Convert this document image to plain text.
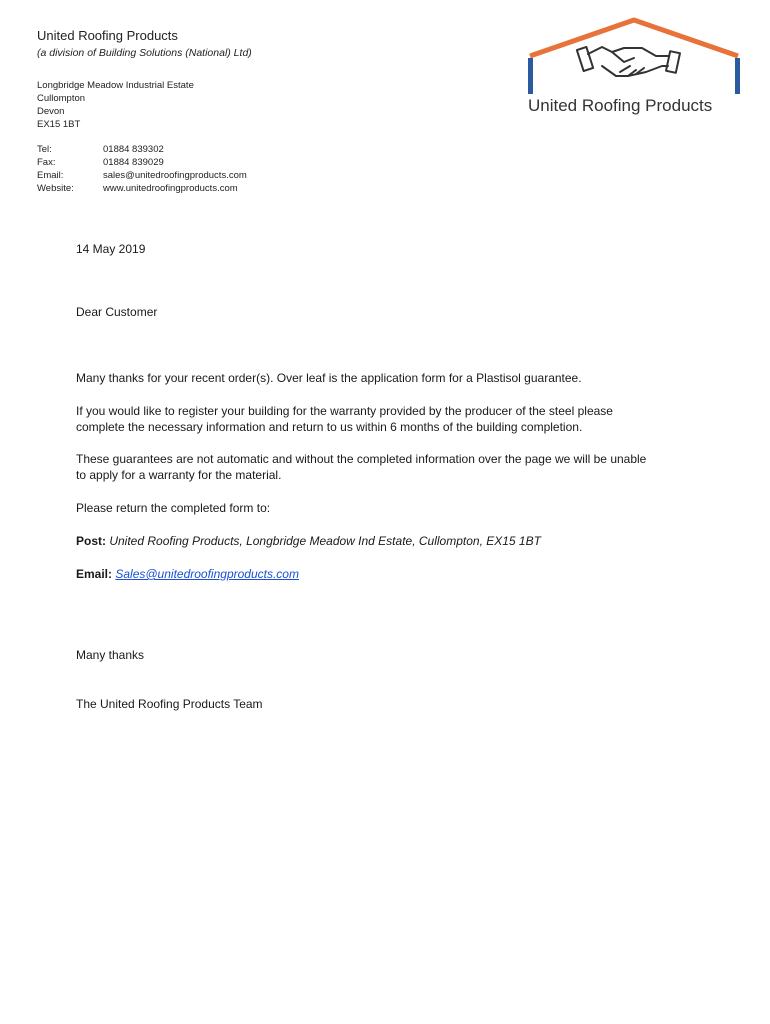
United Roofing Products
(a division of Building Solutions (National) Ltd)
Longbridge Meadow Industrial Estate
Cullompton
Devon
EX15 1BT
Tel:	01884 839302
Fax:	01884 839029
Email:	sales@unitedroofingproducts.com
Website:	www.unitedroofingproducts.com
United Roofing Products
14 May 2019
Dear Customer
Many thanks for your recent order(s). Over leaf is the application form for a Plastisol guarantee.
If you would like to register your building for the warranty provided by the producer of the steel please
complete the necessary information and return to us within 6 months of the building completion.
These guarantees are not automatic and without the completed information over the page we will be unable
to apply for a warranty for the material.
Please return the completed form to:
Post: United Roofing Products, Longbridge Meadow Ind Estate, Cullompton, EX15 1BT
Email: Sales@unitedroofingproducts.com
Many thanks
The United Roofing Products Team
